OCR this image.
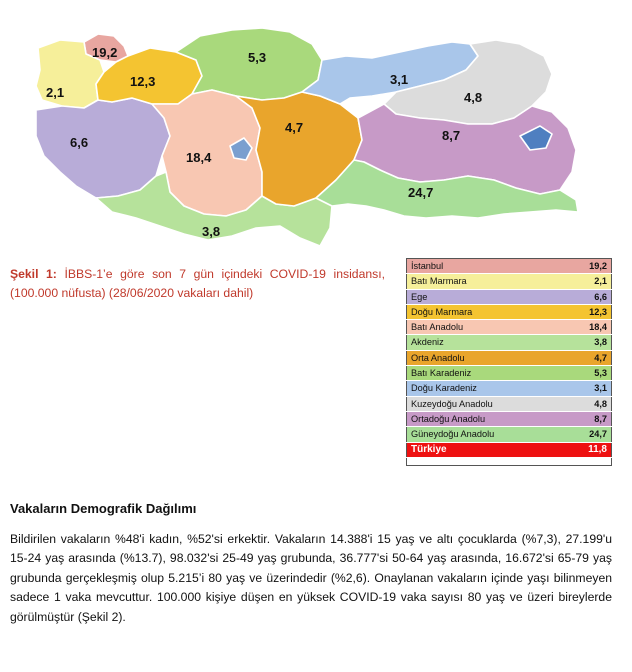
19,2
2,1
6,6
12,3
18,4
3,8
4,7
5,3
3,1
4,8
8,7
24,7
Şekil 1: İBBS-1’e göre son 7 gün içindeki COVID-19 insidansı, (100.000 nüfusta) (28/06/2020 vakaları dahil)
İstanbul	19,2
Batı Marmara	2,1
Ege	6,6
Doğu Marmara	12,3
Batı Anadolu	18,4
Akdeniz	3,8
Orta Anadolu	4,7
Batı Karadeniz	5,3
Doğu Karadeniz	3,1
Kuzeydoğu Anadolu	4,8
Ortadoğu Anadolu	8,7
Güneydoğu Anadolu	24,7
Türkiye	11,8

Vakaların Demografik Dağılımı
Bildirilen vakaların %48'i kadın, %52'si erkektir. Vakaların 14.388'i 15 yaş ve altı çocuklarda (%7,3), 27.199'u 15-24 yaş arasında (%13.7), 98.032'si 25-49 yaş grubunda, 36.777'si 50-64 yaş arasında, 16.672'si 65-79 yaş grubunda gerçekleşmiş olup 5.215’i 80 yaş ve üzerindedir (%2,6). Onaylanan vakaların içinde yaşı bilinmeyen sadece 1 vaka mevcuttur. 100.000 kişiye düşen en yüksek COVID-19 vaka sayısı 80 yaş ve üzeri bireylerde görülmüştür (Şekil 2).
